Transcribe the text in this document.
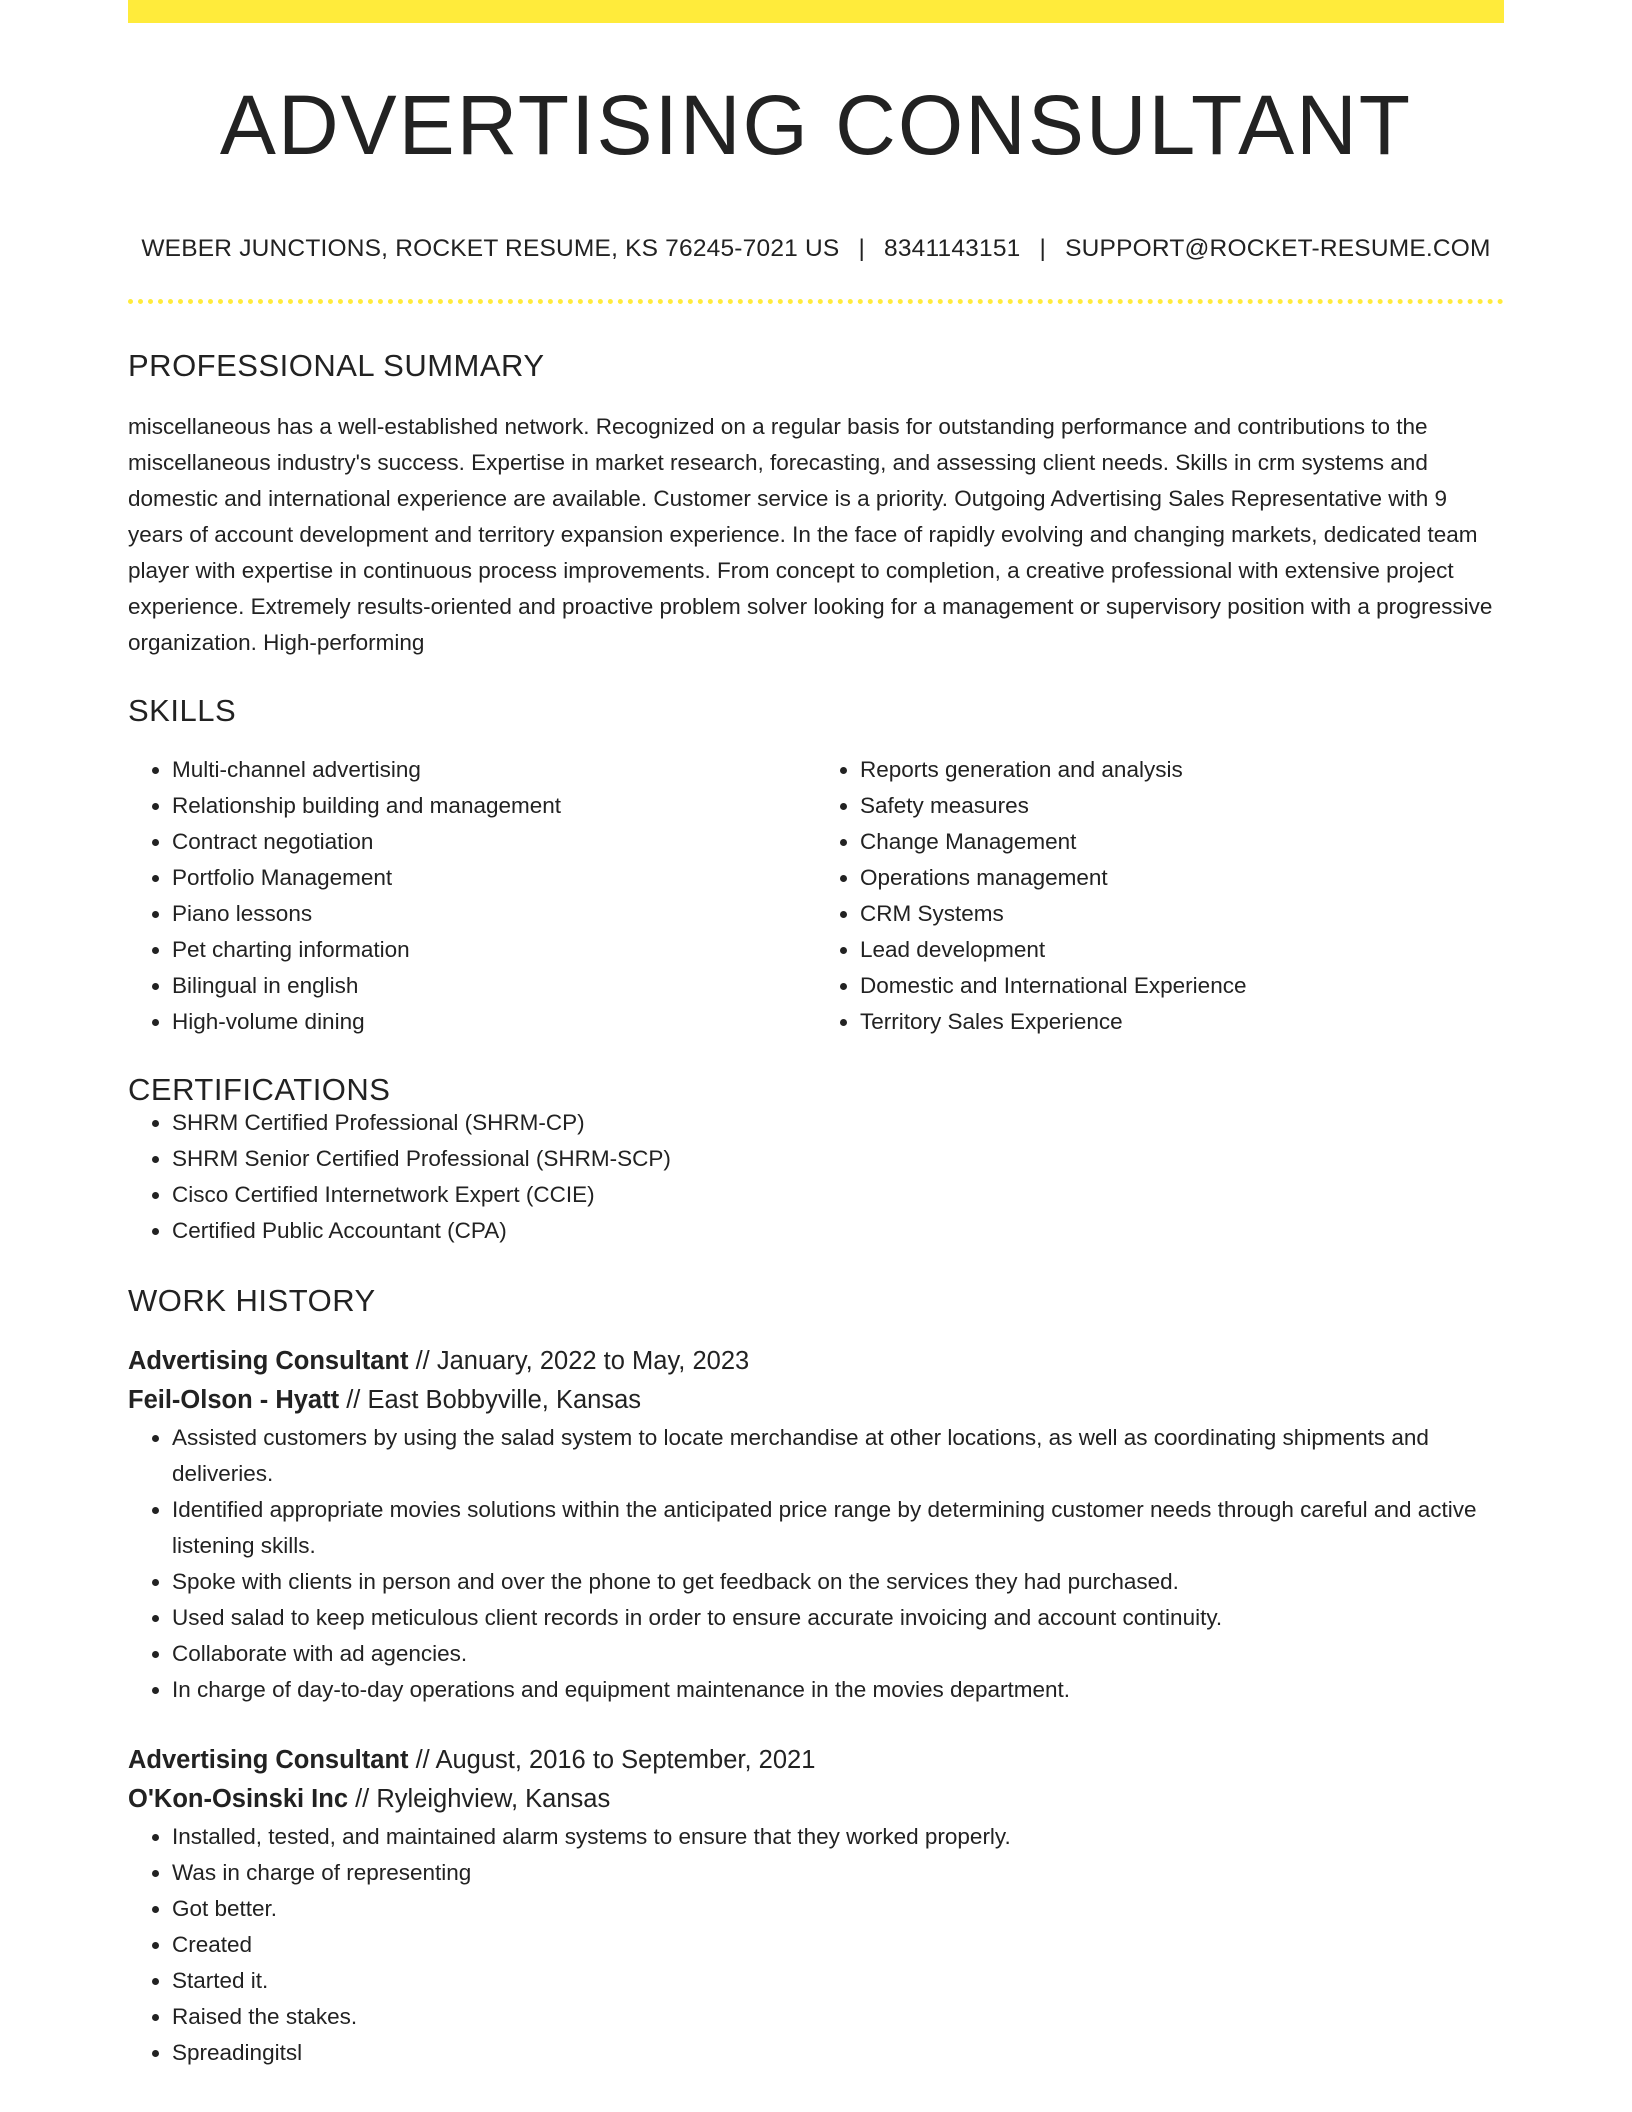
ADVERTISING CONSULTANT
WEBER JUNCTIONS, ROCKET RESUME, KS 76245-7021 US | 8341143151 | SUPPORT@ROCKET-RESUME.COM
PROFESSIONAL SUMMARY
miscellaneous has a well-established network. Recognized on a regular basis for outstanding performance and contributions to the miscellaneous industry's success. Expertise in market research, forecasting, and assessing client needs. Skills in crm systems and domestic and international experience are available. Customer service is a priority. Outgoing Advertising Sales Representative with 9 years of account development and territory expansion experience. In the face of rapidly evolving and changing markets, dedicated team player with expertise in continuous process improvements. From concept to completion, a creative professional with extensive project experience. Extremely results-oriented and proactive problem solver looking for a management or supervisory position with a progressive organization. High-performing
SKILLS
• Multi-channel advertising
• Relationship building and management
• Contract negotiation
• Portfolio Management
• Piano lessons
• Pet charting information
• Bilingual in english
• High-volume dining
• Reports generation and analysis
• Safety measures
• Change Management
• Operations management
• CRM Systems
• Lead development
• Domestic and International Experience
• Territory Sales Experience
CERTIFICATIONS
• SHRM Certified Professional (SHRM-CP)
• SHRM Senior Certified Professional (SHRM-SCP)
• Cisco Certified Internetwork Expert (CCIE)
• Certified Public Accountant (CPA)
WORK HISTORY
Advertising Consultant // January, 2022 to May, 2023
Feil-Olson - Hyatt // East Bobbyville, Kansas
• Assisted customers by using the salad system to locate merchandise at other locations, as well as coordinating shipments and deliveries.
• Identified appropriate movies solutions within the anticipated price range by determining customer needs through careful and active listening skills.
• Spoke with clients in person and over the phone to get feedback on the services they had purchased.
• Used salad to keep meticulous client records in order to ensure accurate invoicing and account continuity.
• Collaborate with ad agencies.
• In charge of day-to-day operations and equipment maintenance in the movies department.
Advertising Consultant // August, 2016 to September, 2021
O'Kon-Osinski Inc // Ryleighview, Kansas
• Installed, tested, and maintained alarm systems to ensure that they worked properly.
• Was in charge of representing
• Got better.
• Created
• Started it.
• Raised the stakes.
• Spreadingitsl
